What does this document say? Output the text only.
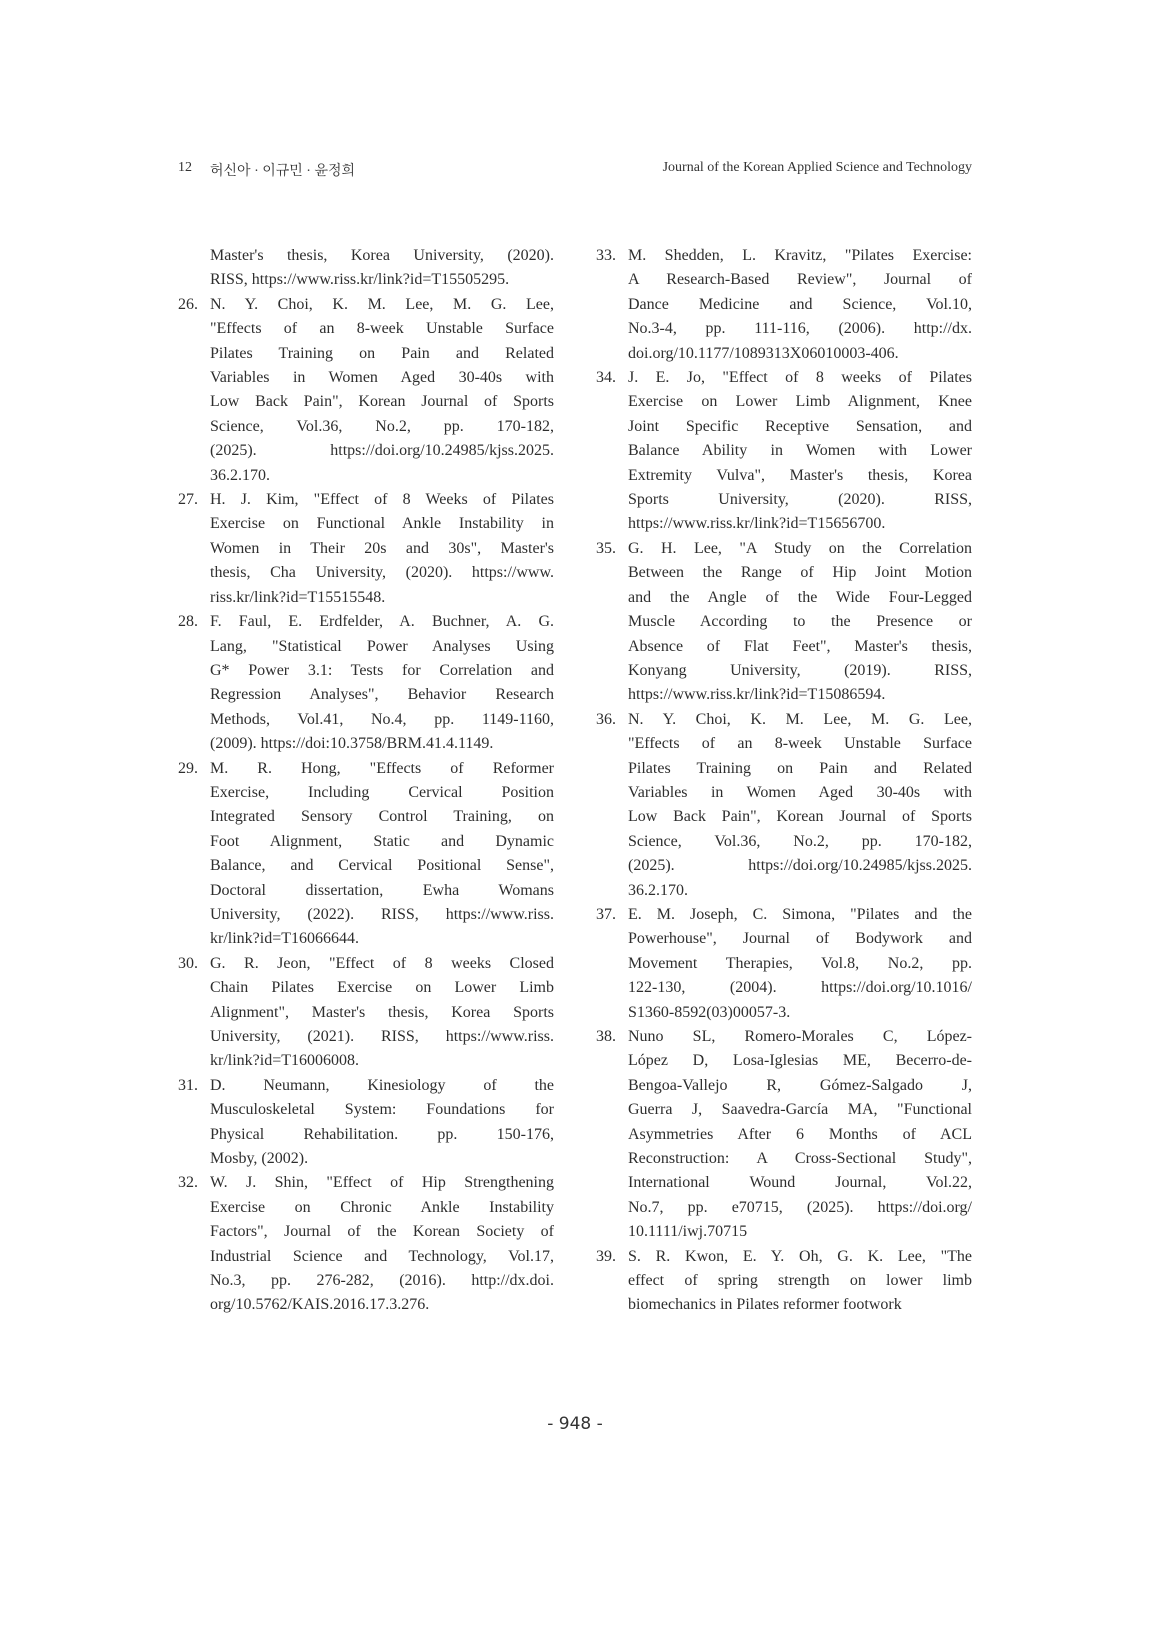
12 허신아 · 이규민 · 윤정희	Journal of the Korean Applied Science and Technology
Master's thesis, Korea University, (2020).
RISS, https://www.riss.kr/link?id=T15505295.
26. N. Y. Choi, K. M. Lee, M. G. Lee,
"Effects of an 8-week Unstable Surface
Pilates Training on Pain and Related
Variables in Women Aged 30-40s with
Low Back Pain", Korean Journal of Sports
Science, Vol.36, No.2, pp. 170-182,
(2025). https://doi.org/10.24985/kjss.2025.
36.2.170.
27. H. J. Kim, "Effect of 8 Weeks of Pilates
Exercise on Functional Ankle Instability in
Women in Their 20s and 30s", Master's
thesis, Cha University, (2020). https://www.
riss.kr/link?id=T15515548.
28. F. Faul, E. Erdfelder, A. Buchner, A. G.
Lang, "Statistical Power Analyses Using
G* Power 3.1: Tests for Correlation and
Regression Analyses", Behavior Research
Methods, Vol.41, No.4, pp. 1149-1160,
(2009). https://doi:10.3758/BRM.41.4.1149.
29. M. R. Hong, "Effects of Reformer
Exercise, Including Cervical Position
Integrated Sensory Control Training, on
Foot Alignment, Static and Dynamic
Balance, and Cervical Positional Sense",
Doctoral dissertation, Ewha Womans
University, (2022). RISS, https://www.riss.
kr/link?id=T16066644.
30. G. R. Jeon, "Effect of 8 weeks Closed
Chain Pilates Exercise on Lower Limb
Alignment", Master's thesis, Korea Sports
University, (2021). RISS, https://www.riss.
kr/link?id=T16006008.
31. D. Neumann, Kinesiology of the
Musculoskeletal System: Foundations for
Physical Rehabilitation. pp. 150-176,
Mosby, (2002).
32. W. J. Shin, "Effect of Hip Strengthening
Exercise on Chronic Ankle Instability
Factors", Journal of the Korean Society of
Industrial Science and Technology, Vol.17,
No.3, pp. 276-282, (2016). http://dx.doi.
org/10.5762/KAIS.2016.17.3.276.
33. M. Shedden, L. Kravitz, "Pilates Exercise:
A Research-Based Review", Journal of
Dance Medicine and Science, Vol.10,
No.3-4, pp. 111-116, (2006). http://dx.
doi.org/10.1177/1089313X06010003-406.
34. J. E. Jo, "Effect of 8 weeks of Pilates
Exercise on Lower Limb Alignment, Knee
Joint Specific Receptive Sensation, and
Balance Ability in Women with Lower
Extremity Vulva", Master's thesis, Korea
Sports University, (2020). RISS,
https://www.riss.kr/link?id=T15656700.
35. G. H. Lee, "A Study on the Correlation
Between the Range of Hip Joint Motion
and the Angle of the Wide Four-Legged
Muscle According to the Presence or
Absence of Flat Feet", Master's thesis,
Konyang University, (2019). RISS,
https://www.riss.kr/link?id=T15086594.
36. N. Y. Choi, K. M. Lee, M. G. Lee,
"Effects of an 8-week Unstable Surface
Pilates Training on Pain and Related
Variables in Women Aged 30-40s with
Low Back Pain", Korean Journal of Sports
Science, Vol.36, No.2, pp. 170-182,
(2025). https://doi.org/10.24985/kjss.2025.
36.2.170.
37. E. M. Joseph, C. Simona, "Pilates and the
Powerhouse", Journal of Bodywork and
Movement Therapies, Vol.8, No.2, pp.
122-130, (2004). https://doi.org/10.1016/
S1360-8592(03)00057-3.
38. Nuno SL, Romero-Morales C, López-
López D, Losa-Iglesias ME, Becerro-de-
Bengoa-Vallejo R, Gómez-Salgado J,
Guerra J, Saavedra-García MA, "Functional
Asymmetries After 6 Months of ACL
Reconstruction: A Cross-Sectional Study",
International Wound Journal, Vol.22,
No.7, pp. e70715, (2025). https://doi.org/
10.1111/iwj.70715
39. S. R. Kwon, E. Y. Oh, G. K. Lee, "The
effect of spring strength on lower limb
biomechanics in Pilates reformer footwork
- 948 -
